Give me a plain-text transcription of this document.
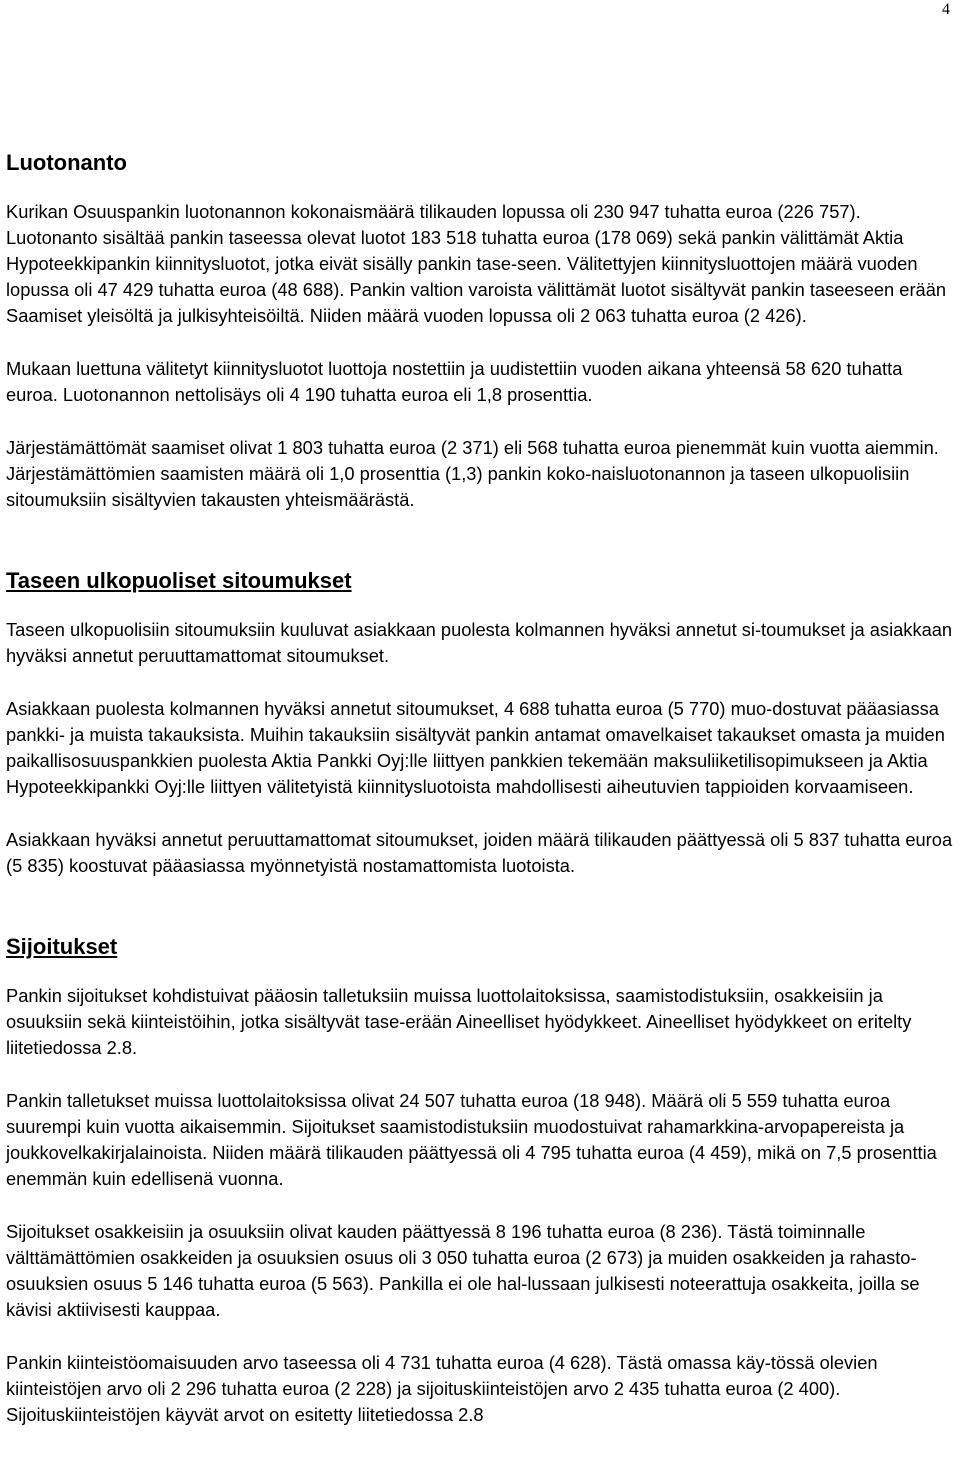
4
Luotonanto

Kurikan Osuuspankin luotonannon kokonaismäärä tilikauden lopussa oli 230 947 tuhatta euroa (226 757). Luotonanto sisältää pankin taseessa olevat luotot 183 518 tuhatta euroa (178 069) sekä pankin välittämät Aktia Hypoteekkipankin kiinnitysluotot, jotka eivät sisälly pankin tase-seen. Välitettyjen kiinnitysluottojen määrä vuoden lopussa oli 47 429 tuhatta euroa (48 688). Pankin valtion varoista välittämät luotot sisältyvät pankin taseeseen erään Saamiset yleisöltä ja julkisyhteisöiltä. Niiden määrä vuoden lopussa oli 2 063 tuhatta euroa (2 426).

Mukaan luettuna välitetyt kiinnitysluotot luottoja nostettiin ja uudistettiin vuoden aikana yhteensä 58 620 tuhatta euroa. Luotonannon nettolisäys oli 4 190 tuhatta euroa eli 1,8 prosenttia.

Järjestämättömät saamiset olivat 1 803 tuhatta euroa (2 371) eli 568 tuhatta euroa pienemmät kuin vuotta aiemmin. Järjestämättömien saamisten määrä oli 1,0 prosenttia (1,3) pankin koko-naisluotonannon ja taseen ulkopuolisiin sitoumuksiin sisältyvien takausten yhteismäärästä.

Taseen ulkopuoliset sitoumukset

Taseen ulkopuolisiin sitoumuksiin kuuluvat asiakkaan puolesta kolmannen hyväksi annetut si-toumukset ja asiakkaan hyväksi annetut peruuttamattomat sitoumukset.

Asiakkaan puolesta kolmannen hyväksi annetut sitoumukset, 4 688 tuhatta euroa (5 770) muo-dostuvat pääasiassa pankki- ja muista takauksista. Muihin takauksiin sisältyvät pankin antamat omavelkaiset takaukset omasta ja muiden paikallisosuuspankkien puolesta Aktia Pankki Oyj:lle liittyen pankkien tekemään maksuliiketilisopimukseen ja Aktia Hypoteekkipankki Oyj:lle liittyen välitetyistä kiinnitysluotoista mahdollisesti aiheutuvien tappioiden korvaamiseen.

Asiakkaan hyväksi annetut peruuttamattomat sitoumukset, joiden määrä tilikauden päättyessä oli 5 837 tuhatta euroa (5 835) koostuvat pääasiassa myönnetyistä nostamattomista luotoista.

Sijoitukset

Pankin sijoitukset kohdistuivat pääosin talletuksiin muissa luottolaitoksissa, saamistodistuksiin, osakkeisiin ja osuuksiin sekä kiinteistöihin, jotka sisältyvät tase-erään Aineelliset hyödykkeet. Aineelliset hyödykkeet on eritelty liitetiedossa 2.8.

Pankin talletukset muissa luottolaitoksissa olivat 24 507 tuhatta euroa (18 948). Määrä oli 5 559 tuhatta euroa suurempi kuin vuotta aikaisemmin. Sijoitukset saamistodistuksiin muodostuivat rahamarkkina-arvopapereista ja joukkovelkakirjalainoista. Niiden määrä tilikauden päättyessä oli 4 795 tuhatta euroa (4 459), mikä on 7,5 prosenttia enemmän kuin edellisenä vuonna.

Sijoitukset osakkeisiin ja osuuksiin olivat kauden päättyessä 8 196 tuhatta euroa (8 236). Tästä toiminnalle välttämättömien osakkeiden ja osuuksien osuus oli 3 050 tuhatta euroa (2 673) ja muiden osakkeiden ja rahasto-osuuksien osuus 5 146 tuhatta euroa (5 563). Pankilla ei ole hal-lussaan julkisesti noteerattuja osakkeita, joilla se kävisi aktiivisesti kauppaa.

Pankin kiinteistöomaisuuden arvo taseessa oli 4 731 tuhatta euroa (4 628). Tästä omassa käy-tössä olevien kiinteistöjen arvo oli 2 296 tuhatta euroa (2 228) ja sijoituskiinteistöjen arvo 2 435 tuhatta euroa (2 400). Sijoituskiinteistöjen käyvät arvot on esitetty liitetiedossa 2.8
